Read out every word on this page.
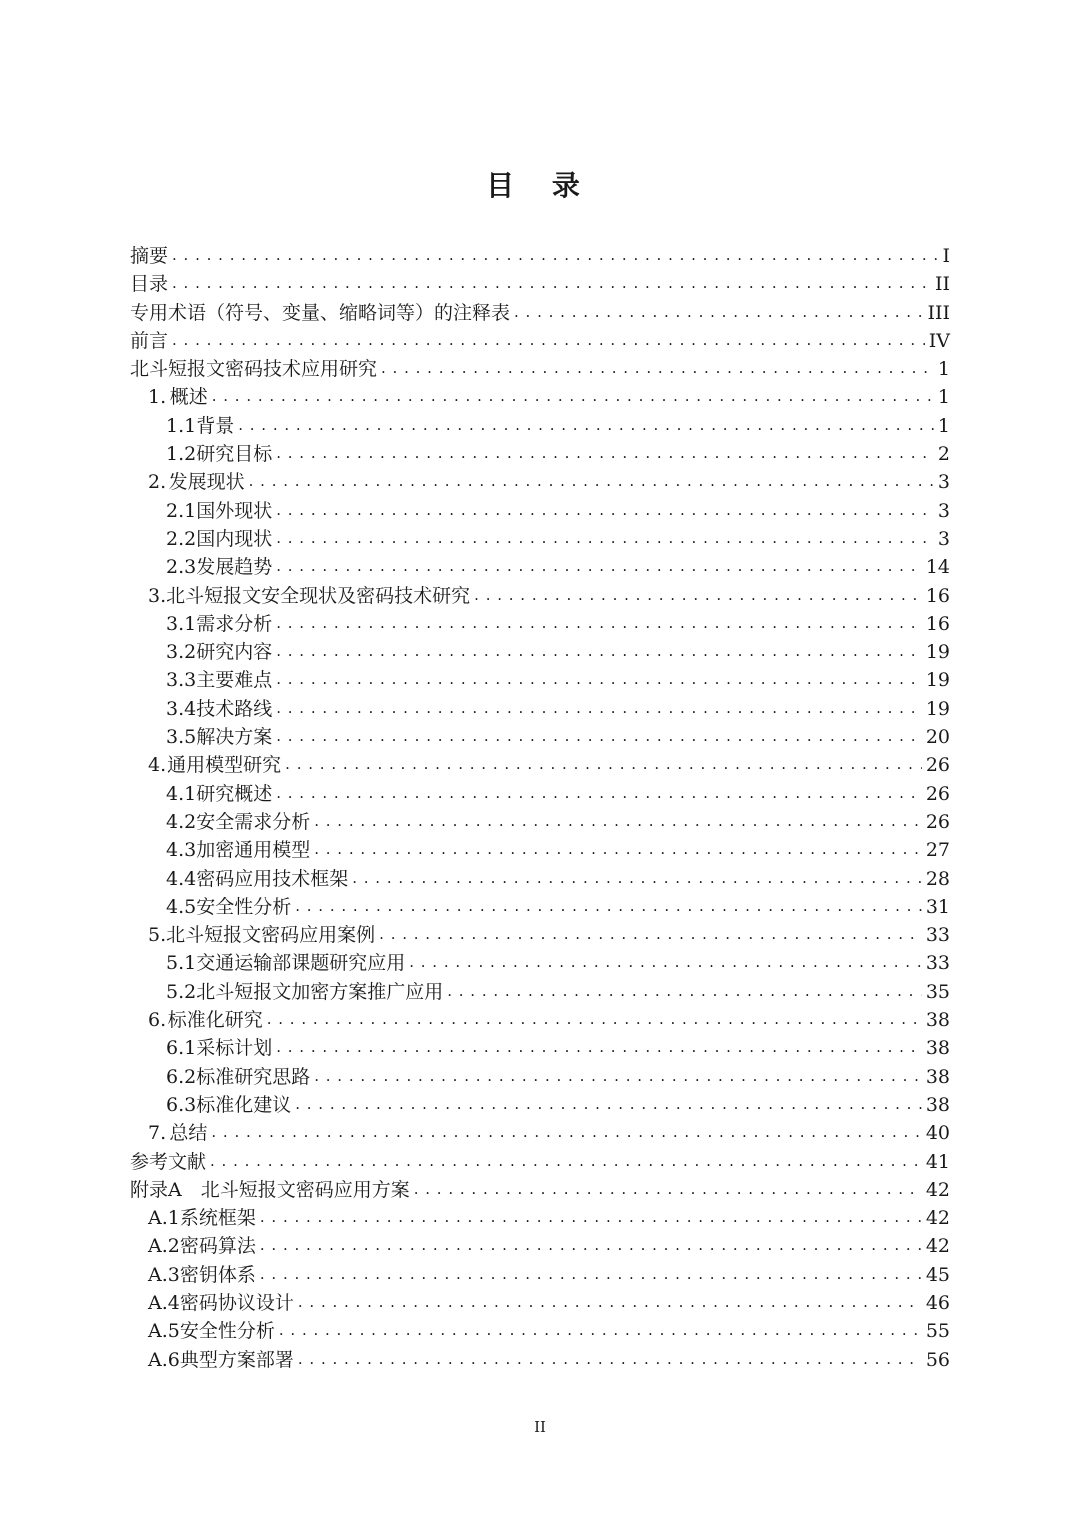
目 录
摘要 . . .	I
目录 . . .	II
专用术语（符号、变量、缩略词等）的注释表 . . .	III
前言 . . .	IV
北斗短报文密码技术应用研究 . . .	1
1. 概述 . . .	1
1.1 背景 . . .	1
1.2 研究目标 . . .	2
2. 发展现状 . . .	3
2.1 国外现状 . . .	3
2.2 国内现状 . . .	3
2.3 发展趋势 . . .	14
3. 北斗短报文安全现状及密码技术研究 . . .	16
3.1 需求分析 . . .	16
3.2 研究内容 . . .	19
3.3 主要难点 . . .	19
3.4 技术路线 . . .	19
3.5 解决方案 . . .	20
4. 通用模型研究 . . .	26
4.1 研究概述 . . .	26
4.2 安全需求分析 . . .	26
4.3 加密通用模型 . . .	27
4.4 密码应用技术框架 . . .	28
4.5 安全性分析 . . .	31
5. 北斗短报文密码应用案例 . . .	33
5.1 交通运输部课题研究应用 . . .	33
5.2 北斗短报文加密方案推广应用 . . .	35
6. 标准化研究 . . .	38
6.1 采标计划 . . .	38
6.2 标准研究思路 . . .	38
6.3 标准化建议 . . .	38
7. 总结 . . .	40
参考文献 . . .	41
附录A　北斗短报文密码应用方案 . . .	42
A.1 系统框架 . . .	42
A.2 密码算法 . . .	42
A.3 密钥体系 . . .	45
A.4 密码协议设计 . . .	46
A.5 安全性分析 . . .	55
A.6 典型方案部署 . . .	56
II
